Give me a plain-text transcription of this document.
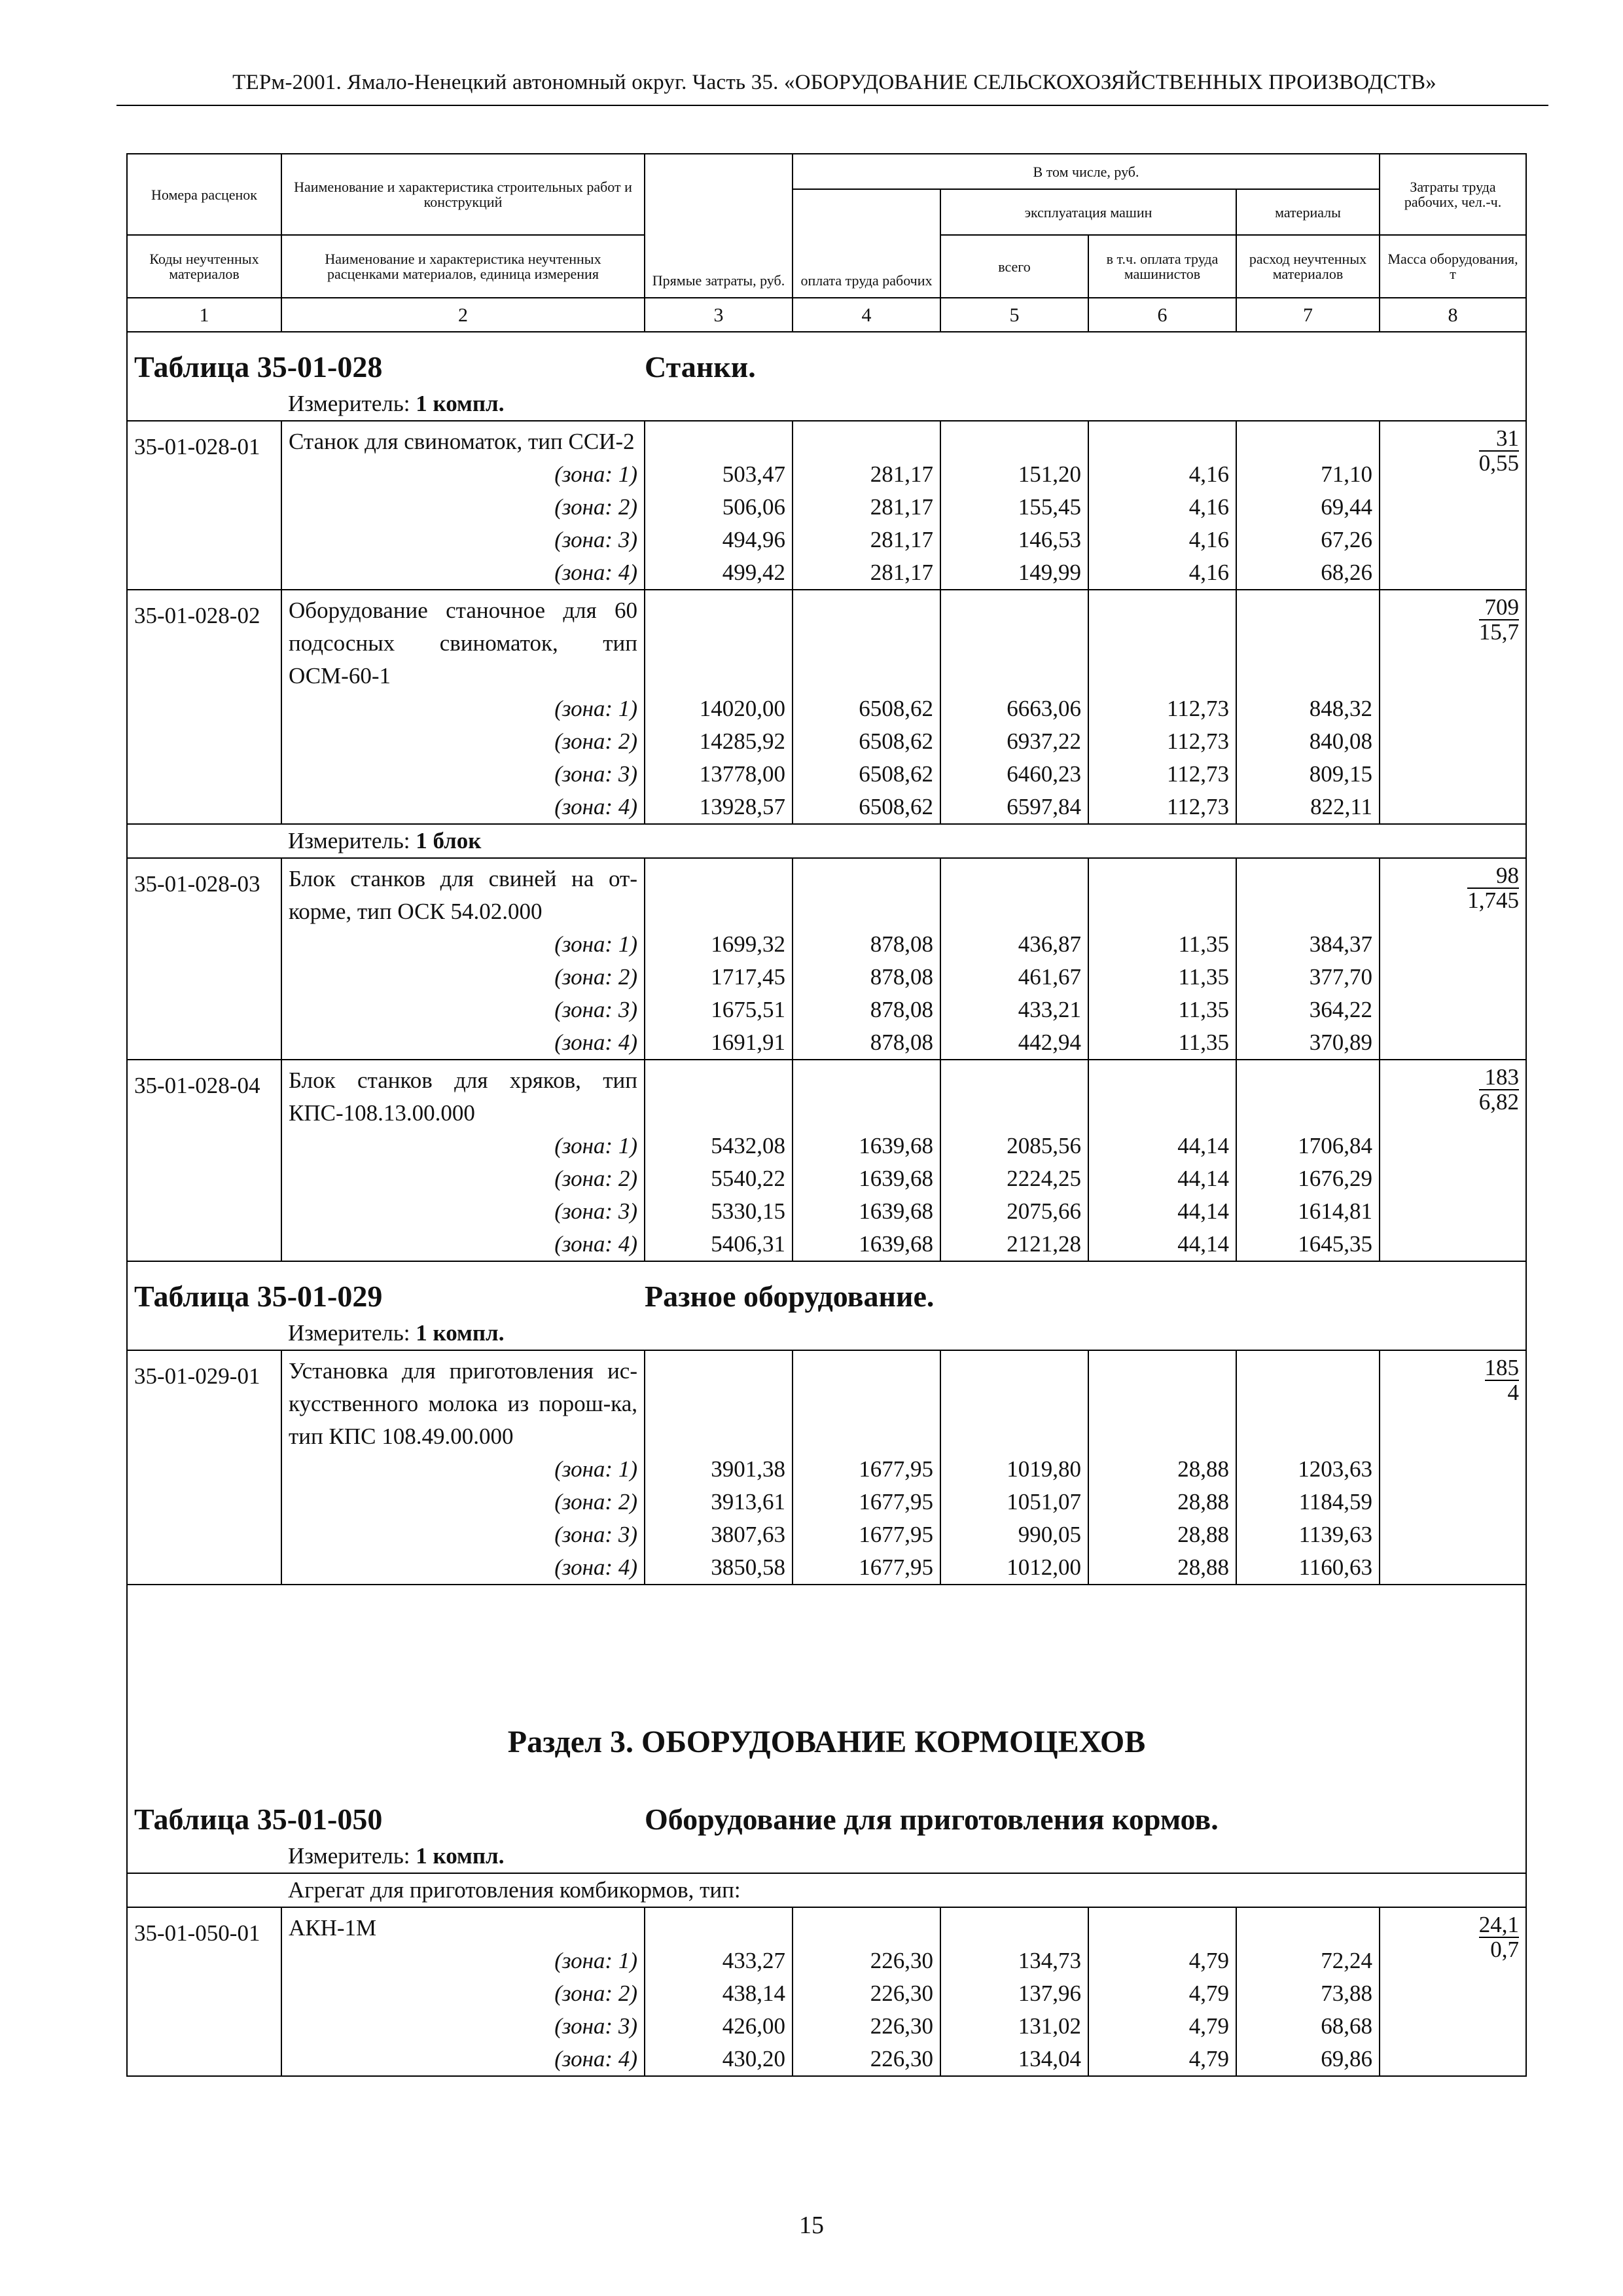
ТЕРм-2001. Ямало-Ненецкий автономный округ. Часть 35. «ОБОРУДОВАНИЕ СЕЛЬСКОХОЗЯЙСТВЕННЫХ ПРОИЗВОДСТВ»
Номера расценок	Наименование и характеристика строительных работ и конструкций	Прямые затраты, руб.	В том числе, руб.				Затраты труда рабочих, чел.-ч.
			оплата труда рабочих	эксплуатация машин		материалы	
Коды неучтенных материалов	Наименование и характеристика неучтенных расценками материалов, единица измерения			всего	в т.ч. оплата труда машинистов	расход неучтенных материалов	Масса оборудования, т
1	2	3	4	5	6	7	8
Таблица 35-01-028 Станки.							
	Измеритель: 1 компл.						
35-01-028-01	Станок для свиноматок, тип ССИ-2						$\frac{31}{0,55}$
	(зона: 1)	503,47	281,17	151,20	4,16	71,10	
	(зона: 2)	506,06	281,17	155,45	4,16	69,44	
	(зона: 3)	494,96	281,17	146,53	4,16	67,26	
	(зона: 4)	499,42	281,17	149,99	4,16	68,26	
35-01-028-02	Оборудование станочное для 60 подсосных свиноматок, тип ОСМ-60-1						$\frac{709}{15,7}$
	(зона: 1)	14020,00	6508,62	6663,06	112,73	848,32	
	(зона: 2)	14285,92	6508,62	6937,22	112,73	840,08	
	(зона: 3)	13778,00	6508,62	6460,23	112,73	809,15	
	(зона: 4)	13928,57	6508,62	6597,84	112,73	822,11	
	Измеритель: 1 блок						
35-01-028-03	Блок станков для свиней на от-корме, тип ОСК 54.02.000						$\frac{98}{1,745}$
	(зона: 1)	1699,32	878,08	436,87	11,35	384,37	
	(зона: 2)	1717,45	878,08	461,67	11,35	377,70	
	(зона: 3)	1675,51	878,08	433,21	11,35	364,22	
	(зона: 4)	1691,91	878,08	442,94	11,35	370,89	
35-01-028-04	Блок станков для хряков, тип КПС-108.13.00.000						$\frac{183}{6,82}$
	(зона: 1)	5432,08	1639,68	2085,56	44,14	1706,84	
	(зона: 2)	5540,22	1639,68	2224,25	44,14	1676,29	
	(зона: 3)	5330,15	1639,68	2075,66	44,14	1614,81	
	(зона: 4)	5406,31	1639,68	2121,28	44,14	1645,35	
Таблица 35-01-029 Разное оборудование.							
	Измеритель: 1 компл.						
35-01-029-01	Установка для приготовления ис-кусственного молока из порош-ка, тип КПС 108.49.00.000						$\frac{185}{4}$
	(зона: 1)	3901,38	1677,95	1019,80	28,88	1203,63	
	(зона: 2)	3913,61	1677,95	1051,07	28,88	1184,59	
	(зона: 3)	3807,63	1677,95	990,05	28,88	1139,63	
	(зона: 4)	3850,58	1677,95	1012,00	28,88	1160,63	
Раздел 3. ОБОРУДОВАНИЕ КОРМОЦЕХОВ							
Таблица 35-01-050 Оборудование для приготовления кормов.							
	Измеритель: 1 компл.						
	Агрегат для приготовления комбикормов, тип:						
35-01-050-01	АКН-1М						$\frac{24,1}{0,7}$
	(зона: 1)	433,27	226,30	134,73	4,79	72,24	
	(зона: 2)	438,14	226,30	137,96	4,79	73,88	
	(зона: 3)	426,00	226,30	131,02	4,79	68,68	
	(зона: 4)	430,20	226,30	134,04	4,79	69,86	
15
